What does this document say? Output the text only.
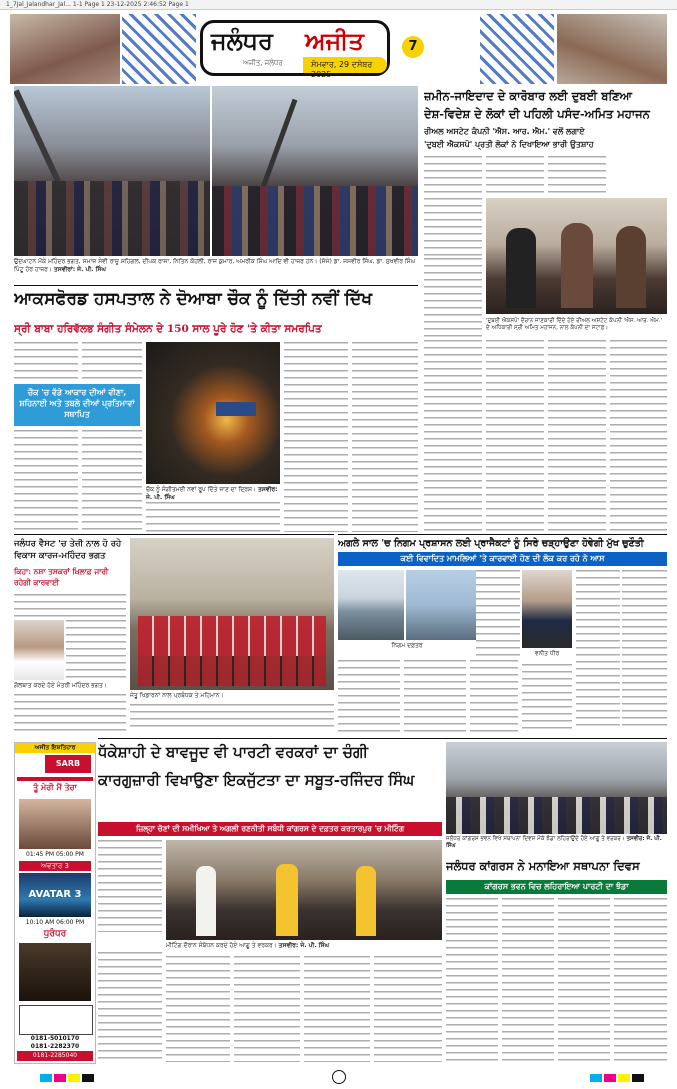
1_7Jal_Jalandhar_Jal... 1-1 Page 1 23-12-2025 2:46:52 Page 1
ਜਲੰਧਰ ਅਜੀਤ
ਅਜੀਤ, ਜਲੰਧਰ	ਸੋਮਵਾਰ, 29 ਦਸੰਬਰ 2025
7
ਉਦਘਾਟਨ ਮੌਕੇ ਮਹਿੰਦਰ ਭਗਤ, ਸਮਾਜ ਸੇਵੀ ਰਾਜੂ ਸਹਿਗਲ, ਦੀਪਕ ਰਾਜਾ, ਨਿਤਿਨ ਕੋਹਲੀ, ਰਾਜ ਕੁਮਾਰ, ਅਮਰੀਕ ਸਿੰਘ ਆਦਿ ਵੀ ਹਾਜ਼ਰ ਹਨ। (ਸੱਜੇ) ਡਾ. ਜਸਵੀਰ ਸਿੰਘ, ਡਾ. ਸੁਖਵੀਰ ਸਿੰਘ ਪਿੰਟੂ ਹੋਰ ਹਾਜ਼ਰ। ਤਸਵੀਰਾਂ: ਜੇ. ਪੀ. ਸਿੰਘ
ਆਕਸਫੋਰਡ ਹਸਪਤਾਲ ਨੇ ਦੋਆਬਾ ਚੌਕ ਨੂੰ ਦਿੱਤੀ ਨਵੀਂ ਦਿੱਖ
ਸ੍ਰੀ ਬਾਬਾ ਹਰਿਵੱਲਭ ਸੰਗੀਤ ਸੰਮੇਲਨ ਦੇ 150 ਸਾਲ ਪੂਰੇ ਹੋਣ 'ਤੇ ਕੀਤਾ ਸਮਰਪਿਤ
ਚੌਕ 'ਚ ਵੱਡੇ ਆਕਾਰ ਦੀਆਂ ਵੀਣਾ, ਸ਼ਹਿਨਾਈ ਅਤੇ ਤਬਲੇ ਦੀਆਂ ਪ੍ਰਤਿਮਾਵਾਂ ਸਥਾਪਿਤ
ਚੌਕ ਨੂੰ ਸੰਗੀਤਮਈ ਨਵਾਂ ਰੂਪ ਦਿੱਤੇ ਜਾਣ ਦਾ ਦ੍ਰਿਸ਼। ਤਸਵੀਰ: ਜੇ. ਪੀ. ਸਿੰਘ
ਜ਼ਮੀਨ-ਜਾਇਦਾਦ ਦੇ ਕਾਰੋਬਾਰ ਲਈ ਦੁਬਈ ਬਣਿਆ
ਦੇਸ਼-ਵਿਦੇਸ਼ ਦੇ ਲੋਕਾਂ ਦੀ ਪਹਿਲੀ ਪਸੰਦ-ਅਮਿਤ ਮਹਾਜਨ
ਰੀਅਲ ਅਸਟੇਟ ਕੰਪਨੀ 'ਐਸ. ਆਰ. ਐਮ.' ਵਲੋਂ ਲਗਾਏ
'ਦੁਬਈ ਐਕਸਪੋ' ਪ੍ਰਤੀ ਲੋਕਾਂ ਨੇ ਦਿਖਾਇਆ ਭਾਰੀ ਉਤਸ਼ਾਹ
'ਦੁਬਈ ਐਕਸਪੋ' ਦੌਰਾਨ ਜਾਣਕਾਰੀ ਦਿੰਦੇ ਹੋਏ ਰੀਅਲ ਅਸਟੇਟ ਕੰਪਨੀ 'ਐਸ. ਆਰ. ਐਮ.' ਦੇ ਅਧਿਕਾਰੀ ਸ੍ਰੀ ਅਮਿਤ ਮਹਾਜਨ, ਨਾਲ ਕੰਪਨੀ ਦਾ ਸਟਾਫ਼।
ਅਗਲੇ ਸਾਲ 'ਚ ਨਿਗਮ ਪ੍ਰਸ਼ਾਸਨ ਲਈ ਪ੍ਰਾਜੈਕਟਾਂ ਨੂੰ ਸਿਰੇ ਚੜ੍ਹਾਉਣਾ ਹੋਵੇਗੀ ਮੁੱਖ ਚੁਣੌਤੀ
ਕਈ ਵਿਵਾਦਿਤ ਮਾਮਲਿਆਂ 'ਤੇ ਕਾਰਵਾਈ ਹੋਣ ਦੀ ਲੋਕ ਕਰ ਰਹੇ ਨੇ ਆਸ
ਨਿਗਮ ਦਫ਼ਤਰ
ਵਨੀਤ ਧੀਰ
ਜਲੰਧਰ ਵੈਸਟ 'ਚ ਤੇਜ਼ੀ ਨਾਲ ਹੋ ਰਹੇ ਵਿਕਾਸ ਕਾਰਜ-ਮਹਿੰਦਰ ਭਗਤ
ਕਿਹਾ: ਨਸ਼ਾ ਤਸਕਰਾਂ ਖ਼ਿਲਾਫ਼ ਜਾਰੀ ਰਹੇਗੀ ਕਾਰਵਾਈ
ਗੱਲਬਾਤ ਕਰਦੇ ਹੋਏ ਮੰਤਰੀ ਮਹਿੰਦਰ ਭਗਤ।
ਜੇਤੂ ਖਿਡਾਰਨਾਂ ਨਾਲ ਪ੍ਰਬੰਧਕ ਤੇ ਮਹਿਮਾਨ।
ਅਜੀਤ ਇਸ਼ਤਿਹਾਰ
SARB
ਤੂੰ ਮੇਰੀ ਮੈਂ ਤੇਰਾ
01:45 PM 05:00 PM
ਅਵਤਾਰ 3
AVATAR 3
10:10 AM 06:00 PM
ਧੁਰੰਧਰ
0181-5010170
0181-2282370
0181-2285040
ਧੱਕੇਸ਼ਾਹੀ ਦੇ ਬਾਵਜੂਦ ਵੀ ਪਾਰਟੀ ਵਰਕਰਾਂ ਦਾ ਚੰਗੀ
ਕਾਰਗੁਜ਼ਾਰੀ ਵਿਖਾਉਣਾ ਇਕਜੁੱਟਤਾ ਦਾ ਸਬੂਤ-ਰਜਿੰਦਰ ਸਿੰਘ
ਜ਼ਿਲ੍ਹਾ ਚੋਣਾਂ ਦੀ ਸਮੀਖਿਆ ਤੇ ਅਗਲੀ ਰਣਨੀਤੀ ਸਬੰਧੀ ਕਾਂਗਰਸ ਦੇ ਦਫ਼ਤਰ ਕਰਤਾਰਪੁਰ 'ਚ ਮੀਟਿੰਗ
ਮੀਟਿੰਗ ਦੌਰਾਨ ਸੰਬੋਧਨ ਕਰਦੇ ਹੋਏ ਆਗੂ ਤੇ ਵਰਕਰ। ਤਸਵੀਰ: ਜੇ. ਪੀ. ਸਿੰਘ
ਜਲੰਧਰ ਕਾਂਗਰਸ ਭਵਨ ਵਿਖੇ ਸਥਾਪਨਾ ਦਿਵਸ ਮੌਕੇ ਝੰਡਾ ਲਹਿਰਾਉਂਦੇ ਹੋਏ ਆਗੂ ਤੇ ਵਰਕਰ। ਤਸਵੀਰ: ਜੇ. ਪੀ. ਸਿੰਘ
ਜਲੰਧਰ ਕਾਂਗਰਸ ਨੇ ਮਨਾਇਆ ਸਥਾਪਨਾ ਦਿਵਸ
ਕਾਂਗਰਸ ਭਵਨ ਵਿਚ ਲਹਿਰਾਇਆ ਪਾਰਟੀ ਦਾ ਝੰਡਾ
